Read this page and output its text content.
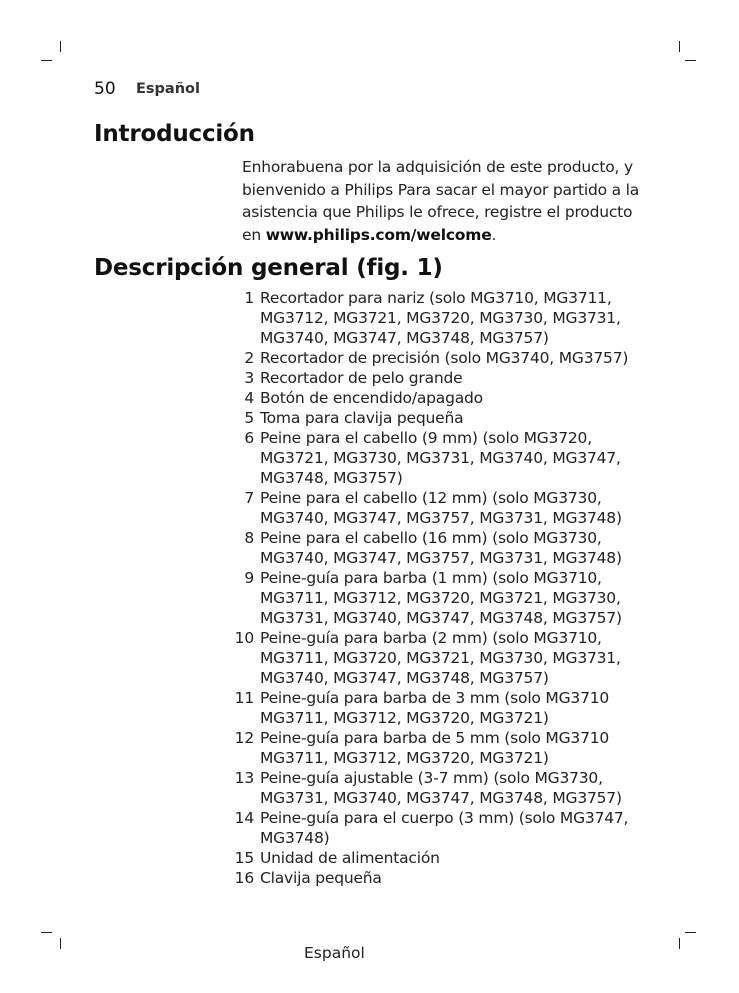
50 Español
Introducción
Enhorabuena por la adquisición de este producto, y bienvenido a Philips Para sacar el mayor partido a la asistencia que Philips le ofrece, registre el producto en www.philips.com/welcome.
Descripción general (fig. 1)
1 Recortador para nariz (solo MG3710, MG3711, MG3712, MG3721, MG3720, MG3730, MG3731, MG3740, MG3747, MG3748, MG3757)
2 Recortador de precisión (solo MG3740, MG3757)
3 Recortador de pelo grande
4 Botón de encendido/apagado
5 Toma para clavija pequeña
6 Peine para el cabello (9 mm) (solo MG3720, MG3721, MG3730, MG3731, MG3740, MG3747, MG3748, MG3757)
7 Peine para el cabello (12 mm) (solo MG3730, MG3740, MG3747, MG3757, MG3731, MG3748)
8 Peine para el cabello (16 mm) (solo MG3730, MG3740, MG3747, MG3757, MG3731, MG3748)
9 Peine-guía para barba (1 mm) (solo MG3710, MG3711, MG3712, MG3720, MG3721, MG3730, MG3731, MG3740, MG3747, MG3748, MG3757)
10 Peine-guía para barba (2 mm) (solo MG3710, MG3711, MG3720, MG3721, MG3730, MG3731, MG3740, MG3747, MG3748, MG3757)
11 Peine-guía para barba de 3 mm (solo MG3710 MG3711, MG3712, MG3720, MG3721)
12 Peine-guía para barba de 5 mm (solo MG3710 MG3711, MG3712, MG3720, MG3721)
13 Peine-guía ajustable (3-7 mm) (solo MG3730, MG3731, MG3740, MG3747, MG3748, MG3757)
14 Peine-guía para el cuerpo (3 mm) (solo MG3747, MG3748)
15 Unidad de alimentación
16 Clavija pequeña
Español
